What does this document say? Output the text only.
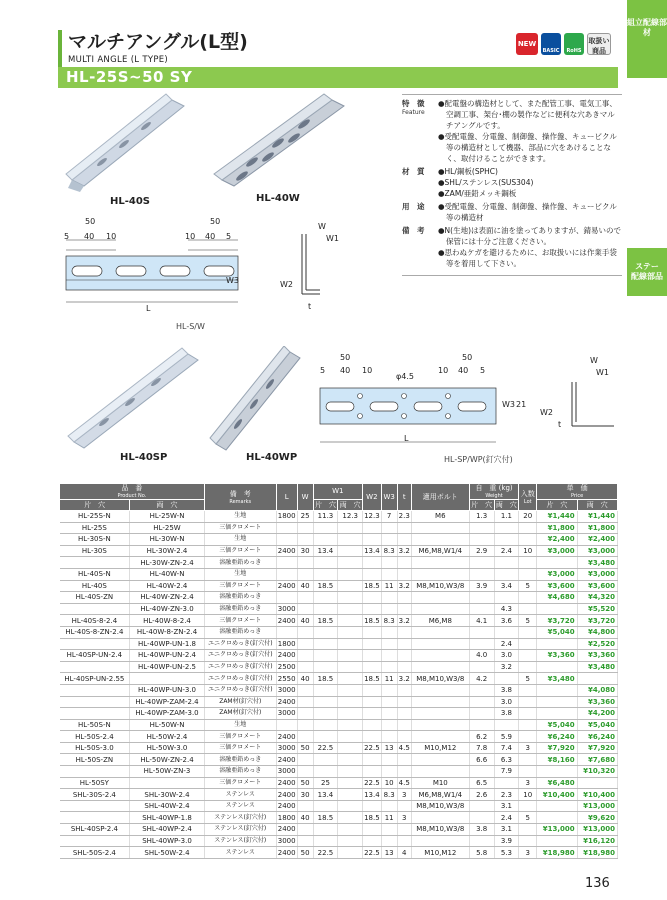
組立配線部材
ステー
配線部品
マルチアングル(L型)
MULTI ANGLE (L TYPE)
HL-25S~50 SY
NEW
BASIC STOCK
RoHS
取扱い
商品
HL-40S	HL-40W
HL-40SP	HL-40WP
特　徴
Feature
●配電盤の構造材として、また配管工事、電気工事、空調工事、架台･棚の製作などに便利な穴あきマルチアングルです。
●受配電盤、分電盤、制御盤、操作盤、キュービクル等の構造材として機器、部品に穴をあけることなく、取付けることができます。
材　質	●HL/鋼板(SPHC)
●SHL/ステンレス(SUS304)
●ZAM/亜鉛メッキ鋼板
用　途	●受配電盤、分電盤、制御盤、操作盤、キュービクル等の構造材
備　考	●N(生地)は表面に油を塗ってありますが、錆易いので保管には十分ご注意ください。
●思わぬケガを避けるために、お取扱いには作業手袋等を着用して下さい。
50	50
5 40 10	10 40 5
L
W
W1
W3	W2
t
HL-S/W
50	50
5 40 10	10 40 5
φ4.5
W3 21
L
W
W1
W2
t
HL-SP/WP(釘穴付)
品　番
Product No.		備　考
Remarks	L	W	W1		W2	W3	t	適用ボルト	自　重 (kg)
Weight		入数
Lot	単　価
Price	

片　穴	両　穴				片　穴	両　穴					片　穴	両　穴		片　穴	両　穴
HL-25S-N	HL-25W-N	生地	1800	25	11.3	12.3	12.3	7	2.3	M6	1.3	1.1	20	¥1,440	¥1,440
HL-25S	HL-25W	三価クロメート												¥1,800	¥1,800
HL-30S-N	HL-30W-N	生地												¥2,400	¥2,400
HL-30S	HL-30W-2.4	三価クロメート	2400	30	13.4		13.4	8.3	3.2	M6,M8,W1/4	2.9	2.4	10	¥3,000	¥3,000
	HL-30W-ZN-2.4	溶融亜鉛めっき													¥3,480
HL-40S-N	HL-40W-N	生地												¥3,000	¥3,000
HL-40S	HL-40W-2.4	三価クロメート	2400	40	18.5		18.5	11	3.2	M8,M10,W3/8	3.9	3.4	5	¥3,600	¥3,600
HL-40S-ZN	HL-40W-ZN-2.4	溶融亜鉛めっき												¥4,680	¥4,320
	HL-40W-ZN-3.0	溶融亜鉛めっき	3000									4.3			¥5,520
HL-40S-8-2.4	HL-40W-8-2.4	三価クロメート	2400	40	18.5		18.5	8.3	3.2	M6,M8	4.1	3.6	5	¥3,720	¥3,720
HL-40S-8-ZN-2.4	HL-40W-8-ZN-2.4	溶融亜鉛めっき												¥5,040	¥4,800
	HL-40WP-UN-1.8	ユニクロめっき(釘穴付)	1800									2.4			¥2,520
HL-40SP-UN-2.4	HL-40WP-UN-2.4	ユニクロめっき(釘穴付)	2400								4.0	3.0		¥3,360	¥3,360
	HL-40WP-UN-2.5	ユニクロめっき(釘穴付)	2500									3.2			¥3,480
HL-40SP-UN-2.55		ユニクロめっき(釘穴付)	2550	40	18.5		18.5	11	3.2	M8,M10,W3/8	4.2		5	¥3,480	
	HL-40WP-UN-3.0	ユニクロめっき(釘穴付)	3000									3.8			¥4,080
	HL-40WP-ZAM-2.4	ZAM材(釘穴付)	2400									3.0			¥3,360
	HL-40WP-ZAM-3.0	ZAM材(釘穴付)	3000									3.8			¥4,200
HL-50S-N	HL-50W-N	生地												¥5,040	¥5,040
HL-50S-2.4	HL-50W-2.4	三価クロメート	2400								6.2	5.9		¥6,240	¥6,240
HL-50S-3.0	HL-50W-3.0	三価クロメート	3000	50	22.5		22.5	13	4.5	M10,M12	7.8	7.4	3	¥7,920	¥7,920
HL-50S-ZN	HL-50W-ZN-2.4	溶融亜鉛めっき	2400								6.6	6.3		¥8,160	¥7,680
	HL-50W-ZN-3	溶融亜鉛めっき	3000									7.9			¥10,320
HL-50SY		三価クロメート	2400	50	25		22.5	10	4.5	M10	6.5		3	¥6,480	
SHL-30S-2.4	SHL-30W-2.4	ステンレス	2400	30	13.4		13.4	8.3	3	M6,M8,W1/4	2.6	2.3	10	¥10,400	¥10,400
	SHL-40W-2.4	ステンレス	2400							M8,M10,W3/8		3.1			¥13,000
	SHL-40WP-1.8	ステンレス(釘穴付)	1800	40	18.5		18.5	11	3			2.4	5		¥9,620
SHL-40SP-2.4	SHL-40WP-2.4	ステンレス(釘穴付)	2400							M8,M10,W3/8	3.8	3.1		¥13,000	¥13,000
	SHL-40WP-3.0	ステンレス(釘穴付)	3000									3.9			¥16,120
SHL-50S-2.4	SHL-50W-2.4	ステンレス	2400	50	22.5		22.5	13	4	M10,M12	5.8	5.3	3	¥18,980	¥18,980
136
